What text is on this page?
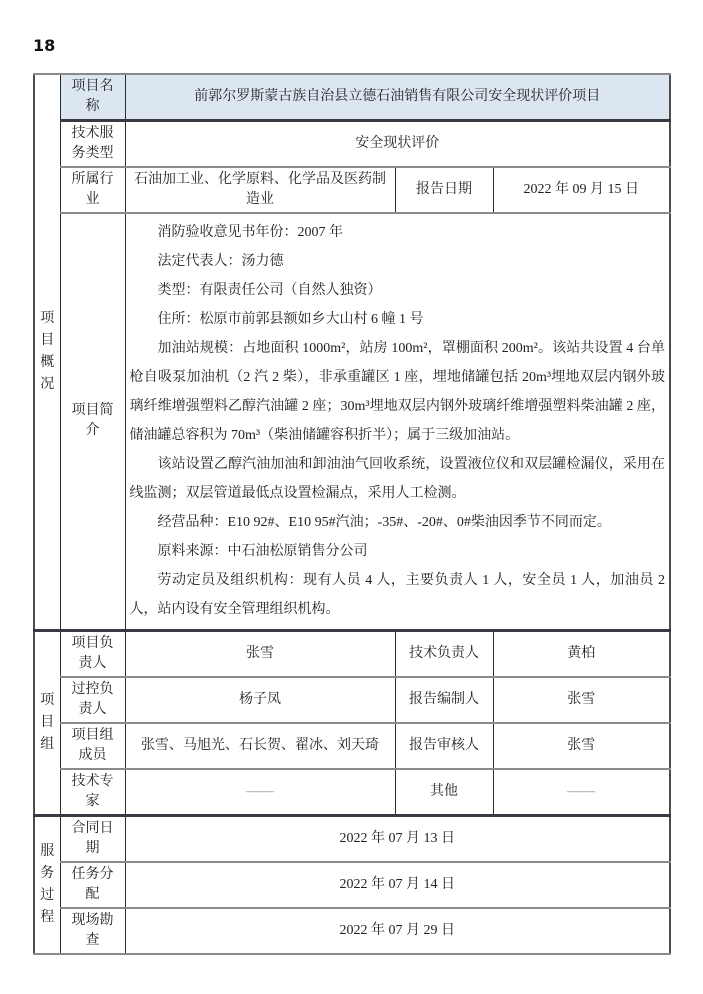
18
项目概况	项目名称	前郭尔罗斯蒙古族自治县立德石油销售有限公司安全现状评价项目		
	技术服务类型	安全现状评价		
	所属行业	石油加工业、化学原料、化学品及医药制造业	报告日期	2022 年 09 月 15 日
项目简介	

消防验收意见书年份：2007 年

法定代表人：汤力德

类型：有限责任公司（自然人独资）

住所：松原市前郭县额如乡大山村 6 幢 1 号

加油站规模：占地面积 1000m²，站房 100m²，罩棚面积 200m²。该站共设置 4 台单枪自吸泵加油机（2 汽 2 柴），非承重罐区 1 座，埋地储罐包括 20m³埋地双层内钢外玻璃纤维增强塑料乙醇汽油罐 2 座；30m³埋地双层内钢外玻璃纤维增强塑料柴油罐 2 座，储油罐总容积为 70m³（柴油储罐容积折半）；属于三级加油站。

该站设置乙醇汽油加油和卸油油气回收系统，设置液位仪和双层罐检漏仪，采用在线监测；双层管道最低点设置检漏点，采用人工检测。

经营品种：E10 92#、E10 95#汽油；-35#、-20#、0#柴油因季节不同而定。

原料来源：中石油松原销售分公司

劳动定员及组织机构：现有人员 4 人，主要负责人 1 人，安全员 1 人，加油员 2 人，站内设有安全管理组织机构。

项目组	项目负责人	张雪	技术负责人	黄柏
	过控负责人	杨子凤	报告编制人	张雪
	项目组成员	张雪、马旭光、石长贺、翟冰、刘天琦	报告审核人	张雪
	技术专家	——	其他	——

服务过程	合同日期	2022 年 07 月 13 日		
	任务分配	2022 年 07 月 14 日		
	现场勘查	2022 年 07 月 29 日		
